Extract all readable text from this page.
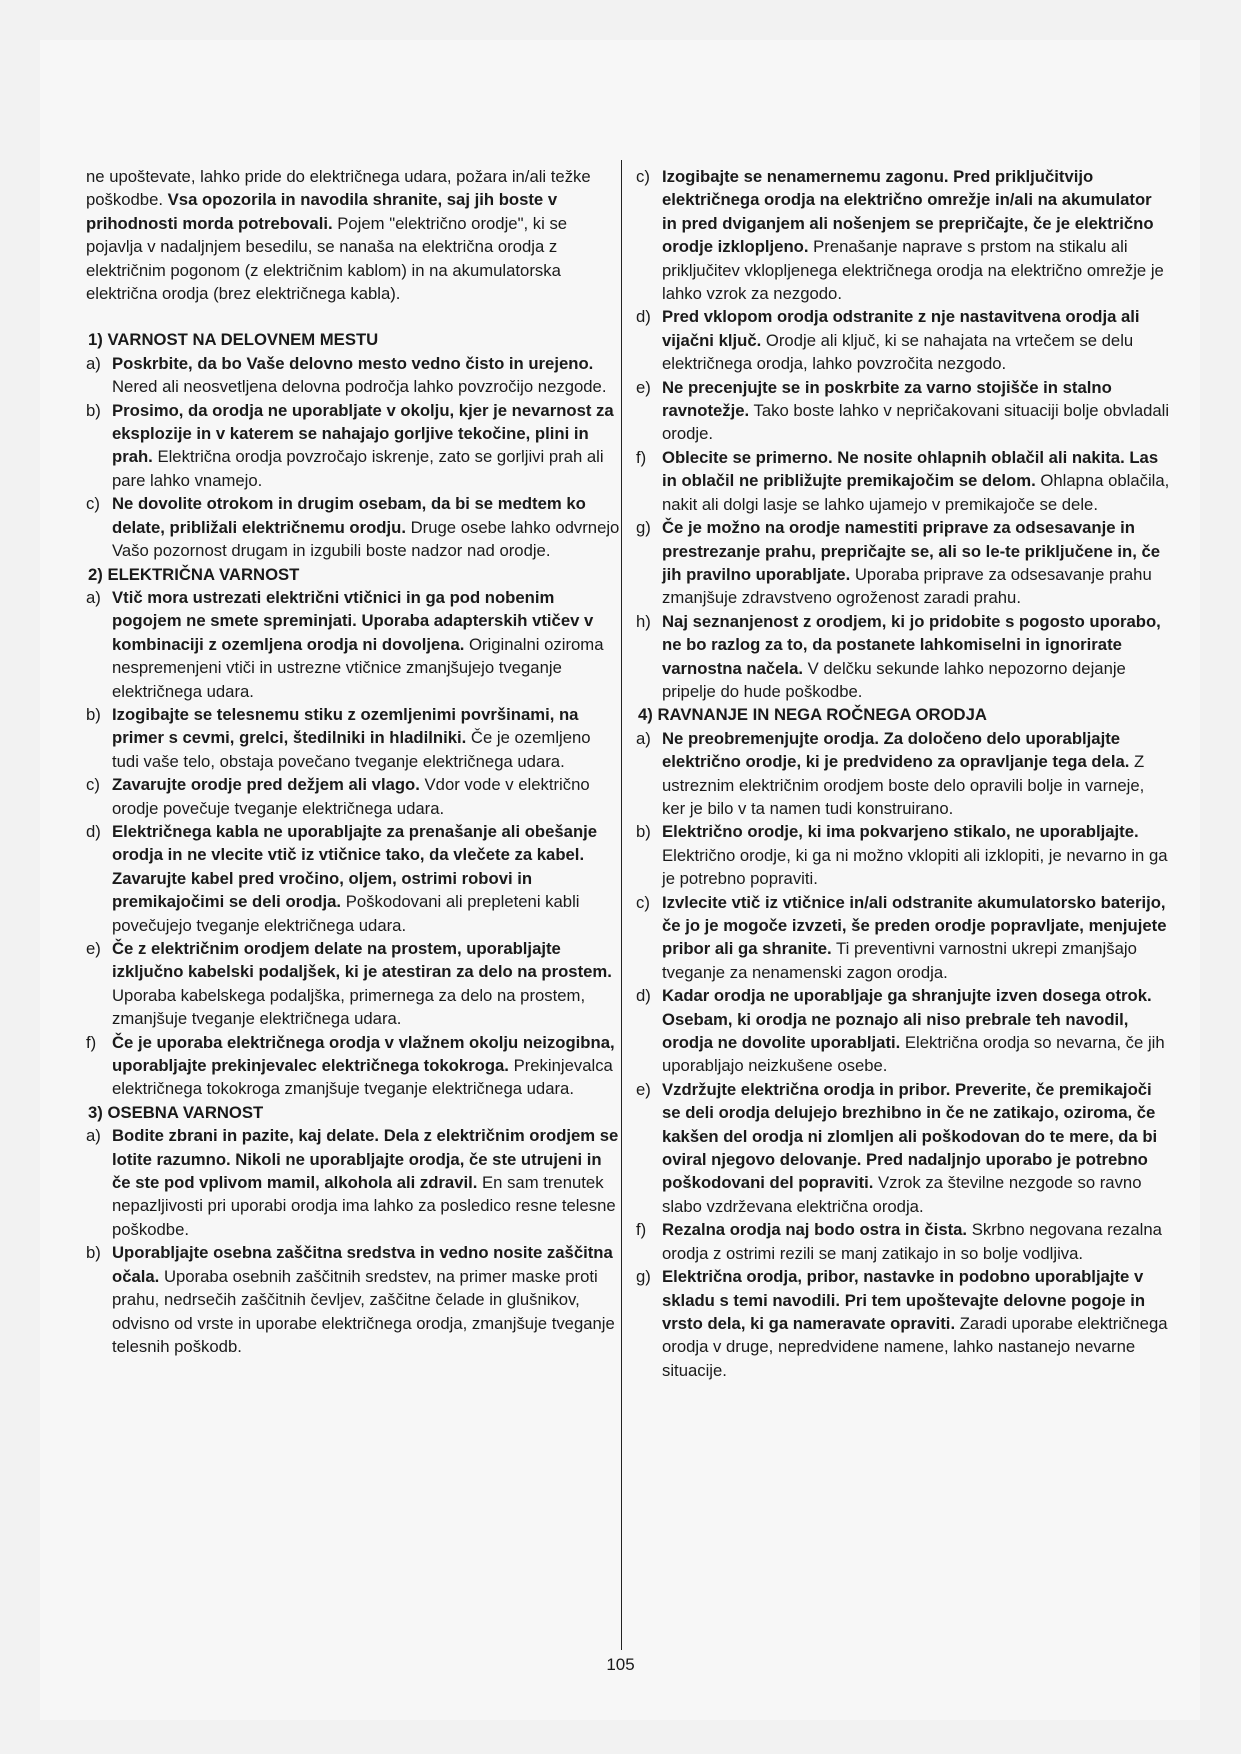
ne upoštevate, lahko pride do električnega udara, požara in/ali težke poškodbe. Vsa opozorila in navodila shranite, saj jih boste v prihodnosti morda potrebovali. Pojem "električno orodje", ki se pojavlja v nadaljnjem besedilu, se nanaša na električna orodja z električnim pogonom (z električnim kablom) in na akumulatorska električna orodja (brez električnega kabla).

1) VARNOST NA DELOVNEM MESTU

a) Poskrbite, da bo Vaše delovno mesto vedno čisto in urejeno. Nered ali neosvetljena delovna področja lahko povzročijo nezgode.

b) Prosimo, da orodja ne uporabljate v okolju, kjer je nevarnost za eksplozije in v katerem se nahajajo gorljive tekočine, plini in prah. Električna orodja povzročajo iskrenje, zato se gorljivi prah ali pare lahko vnamejo.

c) Ne dovolite otrokom in drugim osebam, da bi se medtem ko delate, približali električnemu orodju. Druge osebe lahko odvrnejo Vašo pozornost drugam in izgubili boste nadzor nad orodje.

2) ELEKTRIČNA VARNOST

a) Vtič mora ustrezati električni vtičnici in ga pod nobenim pogojem ne smete spreminjati. Uporaba adapterskih vtičev v kombinaciji z ozemljena orodja ni dovoljena. Originalni oziroma nespremenjeni vtiči in ustrezne vtičnice zmanjšujejo tveganje električnega udara.

b) Izogibajte se telesnemu stiku z ozemljenimi površinami, na primer s cevmi, grelci, štedilniki in hladilniki. Če je ozemljeno tudi vaše telo, obstaja povečano tveganje električnega udara.

c) Zavarujte orodje pred dežjem ali vlago. Vdor vode v električno orodje povečuje tveganje električnega udara.

d) Električnega kabla ne uporabljajte za prenašanje ali obešanje orodja in ne vlecite vtič iz vtičnice tako, da vlečete za kabel. Zavarujte kabel pred vročino, oljem, ostrimi robovi in premikajočimi se deli orodja. Poškodovani ali prepleteni kabli povečujejo tveganje električnega udara.

e) Če z električnim orodjem delate na prostem, uporabljajte izključno kabelski podaljšek, ki je atestiran za delo na prostem. Uporaba kabelskega podaljška, primernega za delo na prostem, zmanjšuje tveganje električnega udara.

f) Če je uporaba električnega orodja v vlažnem okolju neizogibna, uporabljajte prekinjevalec električnega tokokroga. Prekinjevalca električnega tokokroga zmanjšuje tveganje električnega udara.

3) OSEBNA VARNOST

a) Bodite zbrani in pazite, kaj delate. Dela z električnim orodjem se lotite razumno. Nikoli ne uporabljajte orodja, če ste utrujeni in če ste pod vplivom mamil, alkohola ali zdravil. En sam trenutek nepazljivosti pri uporabi orodja ima lahko za posledico resne telesne poškodbe.

b) Uporabljajte osebna zaščitna sredstva in vedno nosite zaščitna očala. Uporaba osebnih zaščitnih sredstev, na primer maske proti prahu, nedrsečih zaščitnih čevljev, zaščitne čelade in glušnikov, odvisno od vrste in uporabe električnega orodja, zmanjšuje tveganje telesnih poškodb.

c) Izogibajte se nenamernemu zagonu. Pred priključitvijo električnega orodja na električno omrežje in/ali na akumulator in pred dviganjem ali nošenjem se prepričajte, če je električno orodje izklopljeno. Prenašanje naprave s prstom na stikalu ali priključitev vklopljenega električnega orodja na električno omrežje je lahko vzrok za nezgodo.

d) Pred vklopom orodja odstranite z nje nastavitvena orodja ali vijačni ključ. Orodje ali ključ, ki se nahajata na vrtečem se delu električnega orodja, lahko povzročita nezgodo.

e) Ne precenjujte se in poskrbite za varno stojišče in stalno ravnotežje. Tako boste lahko v nepričakovani situaciji bolje obvladali orodje.

f) Oblecite se primerno. Ne nosite ohlapnih oblačil ali nakita. Las in oblačil ne približujte premikajočim se delom. Ohlapna oblačila, nakit ali dolgi lasje se lahko ujamejo v premikajoče se dele.

g) Če je možno na orodje namestiti priprave za odsesavanje in prestrezanje prahu, prepričajte se, ali so le-te priključene in, če jih pravilno uporabljate. Uporaba priprave za odsesavanje prahu zmanjšuje zdravstveno ogroženost zaradi prahu.

h) Naj seznanjenost z orodjem, ki jo pridobite s pogosto uporabo, ne bo razlog za to, da postanete lahkomiselni in ignorirate varnostna načela. V delčku sekunde lahko nepozorno dejanje pripelje do hude poškodbe.

4) RAVNANJE IN NEGA ROČNEGA ORODJA

a) Ne preobremenjujte orodja. Za določeno delo uporabljajte električno orodje, ki je predvideno za opravljanje tega dela. Z ustreznim električnim orodjem boste delo opravili bolje in varneje, ker je bilo v ta namen tudi konstruirano.

b) Električno orodje, ki ima pokvarjeno stikalo, ne uporabljajte. Električno orodje, ki ga ni možno vklopiti ali izklopiti, je nevarno in ga je potrebno popraviti.

c) Izvlecite vtič iz vtičnice in/ali odstranite akumulatorsko baterijo, če jo je mogoče izvzeti, še preden orodje popravljate, menjujete pribor ali ga shranite. Ti preventivni varnostni ukrepi zmanjšajo tveganje za nenamenski zagon orodja.

d) Kadar orodja ne uporabljaje ga shranjujte izven dosega otrok. Osebam, ki orodja ne poznajo ali niso prebrale teh navodil, orodja ne dovolite uporabljati. Električna orodja so nevarna, če jih uporabljajo neizkušene osebe.

e) Vzdržujte električna orodja in pribor. Preverite, če premikajoči se deli orodja delujejo brezhibno in če ne zatikajo, oziroma, če kakšen del orodja ni zlomljen ali poškodovan do te mere, da bi oviral njegovo delovanje. Pred nadaljnjo uporabo je potrebno poškodovani del popraviti. Vzrok za številne nezgode so ravno slabo vzdrževana električna orodja.

f) Rezalna orodja naj bodo ostra in čista. Skrbno negovana rezalna orodja z ostrimi rezili se manj zatikajo in so bolje vodljiva.

g) Električna orodja, pribor, nastavke in podobno uporabljajte v skladu s temi navodili. Pri tem upoštevajte delovne pogoje in vrsto dela, ki ga nameravate opraviti. Zaradi uporabe električnega orodja v druge, nepredvidene namene, lahko nastanejo nevarne situacije.

105
